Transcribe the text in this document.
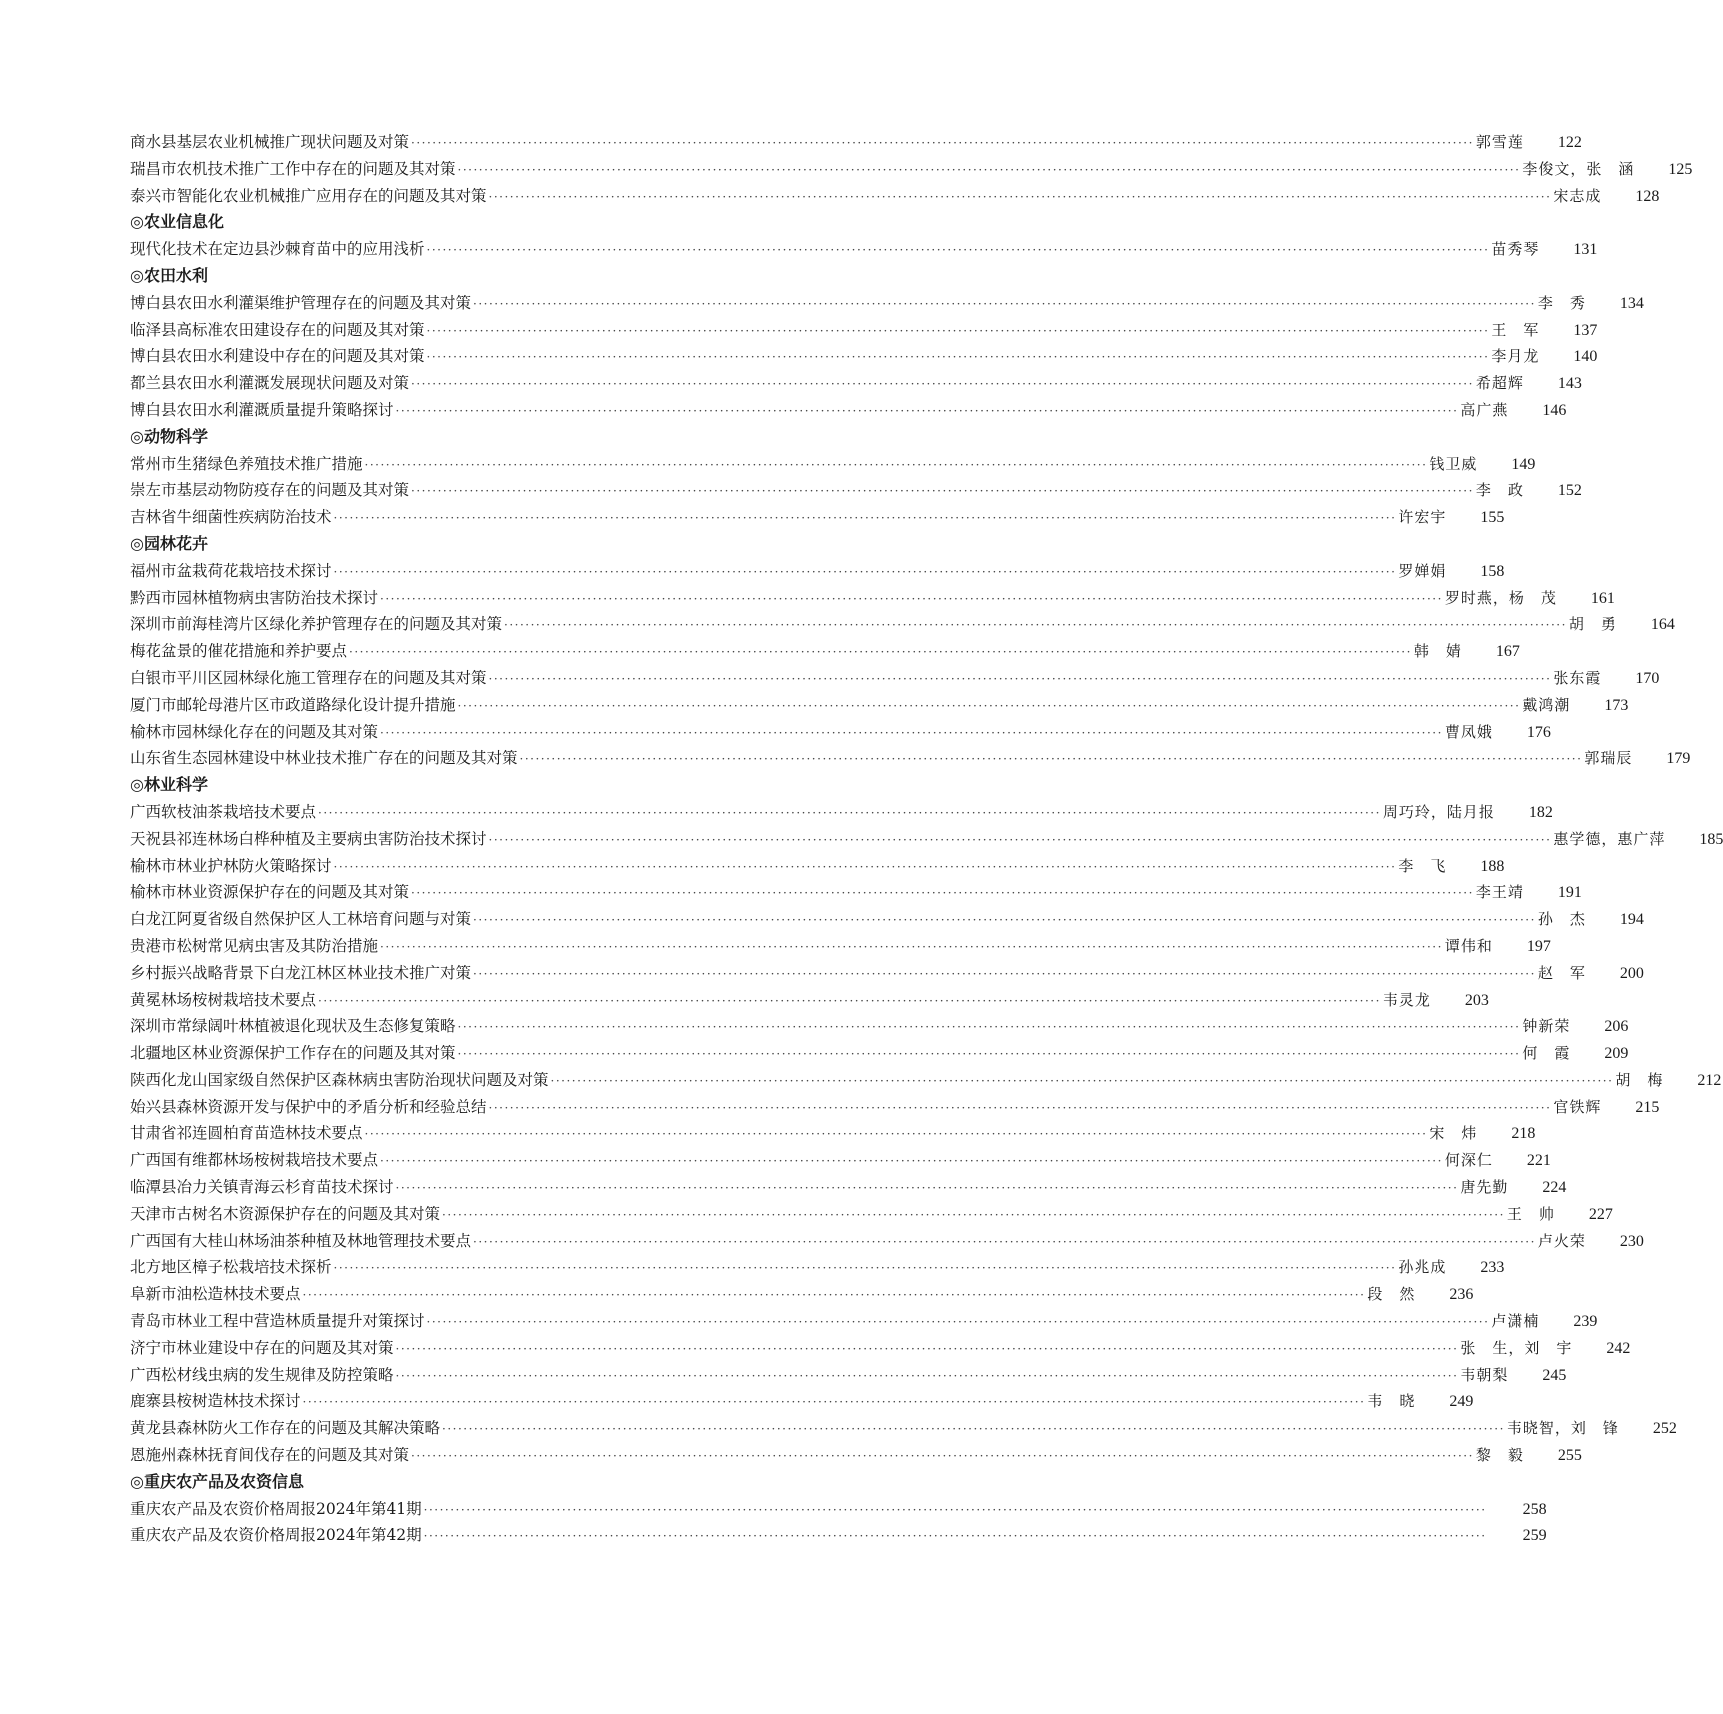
商水县基层农业机械推广现状问题及对策 ········································································································································································································ 郭雪莲	122
瑞昌市农机技术推广工作中存在的问题及其对策 ········································································································································································································ 李俊文，张　涵	125
泰兴市智能化农业机械推广应用存在的问题及其对策 ········································································································································································································ 宋志成	128
◎农业信息化
现代化技术在定边县沙棘育苗中的应用浅析 ········································································································································································································ 苗秀琴	131
◎农田水利
博白县农田水利灌渠维护管理存在的问题及其对策 ········································································································································································································ 李　秀	134
临泽县高标准农田建设存在的问题及其对策 ········································································································································································································ 王　军	137
博白县农田水利建设中存在的问题及其对策 ········································································································································································································ 李月龙	140
都兰县农田水利灌溉发展现状问题及对策 ········································································································································································································ 希超辉	143
博白县农田水利灌溉质量提升策略探讨 ········································································································································································································ 高广燕	146
◎动物科学
常州市生猪绿色养殖技术推广措施 ········································································································································································································ 钱卫威	149
崇左市基层动物防疫存在的问题及其对策 ········································································································································································································ 李　政	152
吉林省牛细菌性疾病防治技术 ········································································································································································································ 许宏宇	155
◎园林花卉
福州市盆栽荷花栽培技术探讨 ········································································································································································································ 罗婵娟	158
黔西市园林植物病虫害防治技术探讨 ········································································································································································································ 罗时燕，杨　茂	161
深圳市前海桂湾片区绿化养护管理存在的问题及其对策 ········································································································································································································ 胡　勇	164
梅花盆景的催花措施和养护要点 ········································································································································································································ 韩　婧	167
白银市平川区园林绿化施工管理存在的问题及其对策 ········································································································································································································ 张东霞	170
厦门市邮轮母港片区市政道路绿化设计提升措施 ········································································································································································································ 戴鸿潮	173
榆林市园林绿化存在的问题及其对策 ········································································································································································································ 曹凤娥	176
山东省生态园林建设中林业技术推广存在的问题及其对策 ········································································································································································································ 郭瑞辰	179
◎林业科学
广西软枝油茶栽培技术要点 ········································································································································································································ 周巧玲，陆月报	182
天祝县祁连林场白桦种植及主要病虫害防治技术探讨 ········································································································································································································ 惠学德，惠广萍	185
榆林市林业护林防火策略探讨 ········································································································································································································ 李　飞	188
榆林市林业资源保护存在的问题及其对策 ········································································································································································································ 李王靖	191
白龙江阿夏省级自然保护区人工林培育问题与对策 ········································································································································································································ 孙　杰	194
贵港市松树常见病虫害及其防治措施 ········································································································································································································ 谭伟和	197
乡村振兴战略背景下白龙江林区林业技术推广对策 ········································································································································································································ 赵　军	200
黄冕林场桉树栽培技术要点 ········································································································································································································ 韦灵龙	203
深圳市常绿阔叶林植被退化现状及生态修复策略 ········································································································································································································ 钟新荣	206
北疆地区林业资源保护工作存在的问题及其对策 ········································································································································································································ 何　霞	209
陕西化龙山国家级自然保护区森林病虫害防治现状问题及对策 ········································································································································································································ 胡　梅	212
始兴县森林资源开发与保护中的矛盾分析和经验总结 ········································································································································································································ 官铁辉	215
甘肃省祁连圆柏育苗造林技术要点 ········································································································································································································ 宋　炜	218
广西国有维都林场桉树栽培技术要点 ········································································································································································································ 何深仁	221
临潭县冶力关镇青海云杉育苗技术探讨 ········································································································································································································ 唐先勤	224
天津市古树名木资源保护存在的问题及其对策 ········································································································································································································ 王　帅	227
广西国有大桂山林场油茶种植及林地管理技术要点 ········································································································································································································ 卢火荣	230
北方地区樟子松栽培技术探析 ········································································································································································································ 孙兆成	233
阜新市油松造林技术要点 ········································································································································································································ 段　然	236
青岛市林业工程中营造林质量提升对策探讨 ········································································································································································································ 卢潇楠	239
济宁市林业建设中存在的问题及其对策 ········································································································································································································ 张　生，刘　宇	242
广西松材线虫病的发生规律及防控策略 ········································································································································································································ 韦朝梨	245
鹿寨县桉树造林技术探讨 ········································································································································································································ 韦　晓	249
黄龙县森林防火工作存在的问题及其解决策略 ········································································································································································································ 韦晓智，刘　锋	252
恩施州森林抚育间伐存在的问题及其对策 ········································································································································································································ 黎　毅	255
◎重庆农产品及农资信息
重庆农产品及农资价格周报2024年第41期 ········································································································································································································	258
重庆农产品及农资价格周报2024年第42期 ········································································································································································································	259
